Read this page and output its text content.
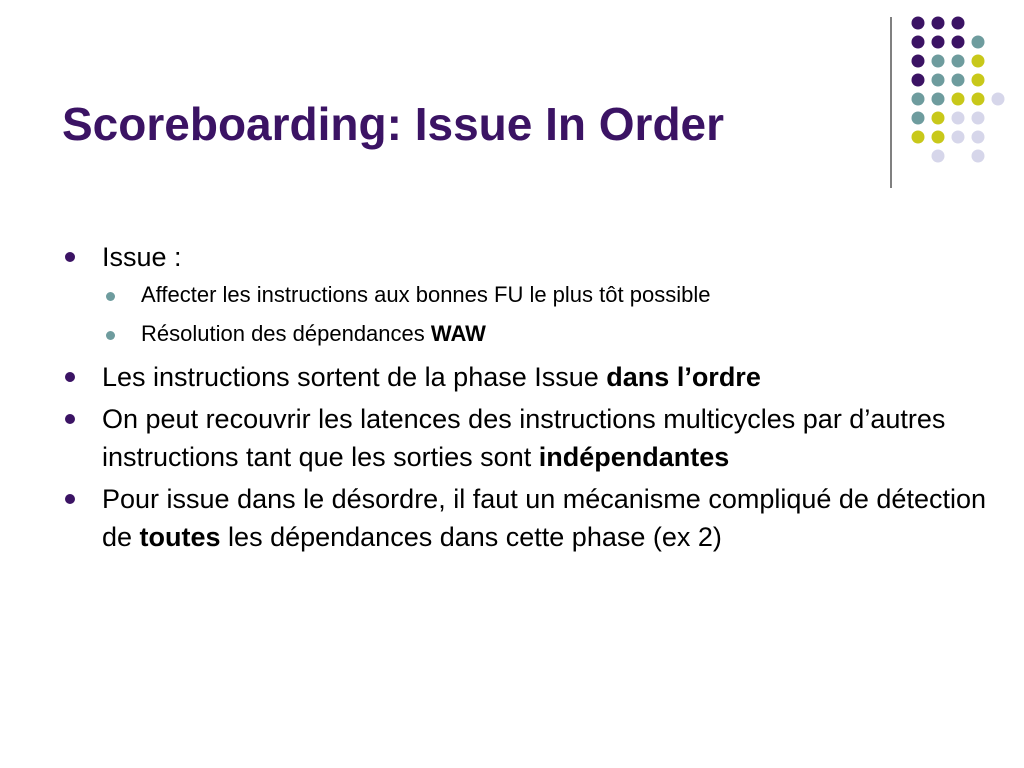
Scoreboarding: Issue In Order
Issue :
Affecter les instructions aux bonnes FU le plus tôt possible
Résolution des dépendances WAW
Les instructions sortent de la phase Issue dans l’ordre
On peut recouvrir les latences des instructions multicycles par d’autres instructions tant que les sorties sont indépendantes
Pour issue dans le désordre, il faut un mécanisme compliqué de détection de toutes les dépendances dans cette phase (ex 2)
